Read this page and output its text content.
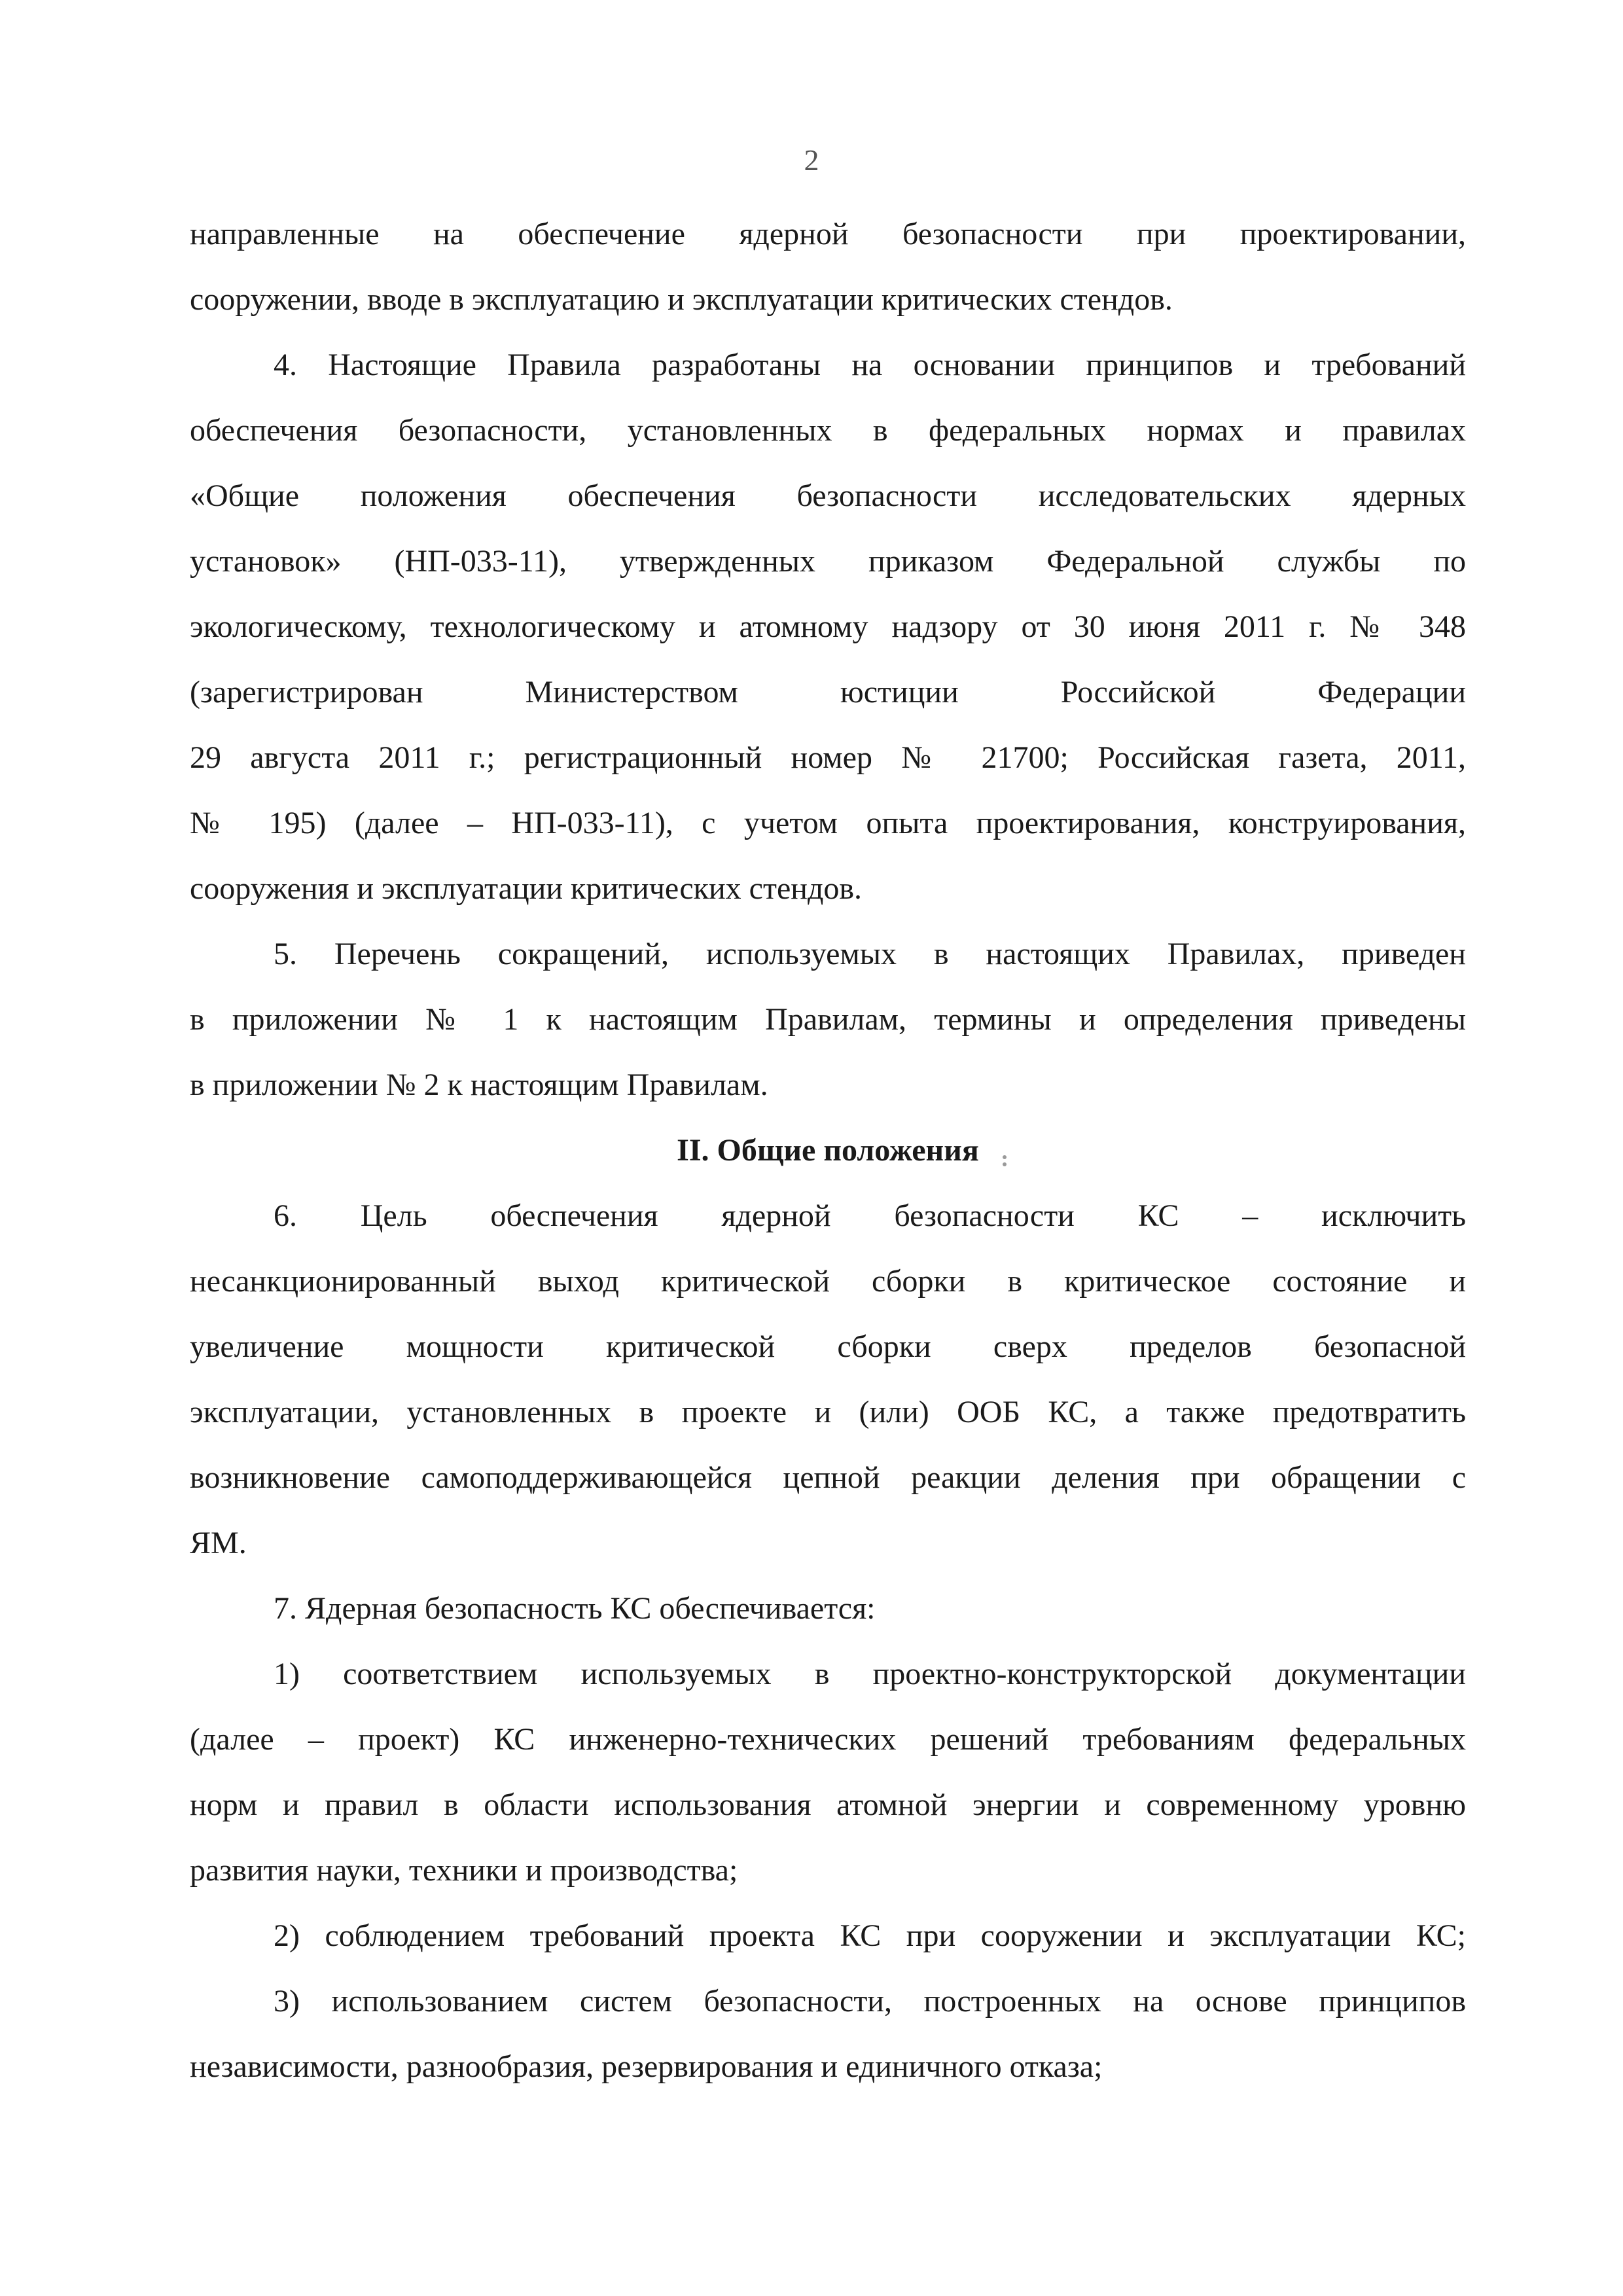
2

направленные на обеспечение ядерной безопасности при проектировании,
сооружении, вводе в эксплуатацию и эксплуатации критических стендов.

4. Настоящие Правила разработаны на основании принципов и требований
обеспечения безопасности, установленных в федеральных нормах и правилах
«Общие положения обеспечения безопасности исследовательских ядерных
установок» (НП-033-11), утвержденных приказом Федеральной службы по
экологическому, технологическому и атомному надзору от 30 июня 2011 г. № 348
(зарегистрирован Министерством юстиции Российской Федерации
29 августа 2011 г.; регистрационный номер № 21700; Российская газета, 2011,
№ 195) (далее – НП-033-11), с учетом опыта проектирования, конструирования,
сооружения и эксплуатации критических стендов.

5. Перечень сокращений, используемых в настоящих Правилах, приведен
в приложении № 1 к настоящим Правилам, термины и определения приведены
в приложении № 2 к настоящим Правилам.

II. Общие положения

6. Цель обеспечения ядерной безопасности КС – исключить
несанкционированный выход критической сборки в критическое состояние и
увеличение мощности критической сборки сверх пределов безопасной
эксплуатации, установленных в проекте и (или) ООБ КС, а также предотвратить
возникновение самоподдерживающейся цепной реакции деления при обращении с
ЯМ.

7. Ядерная безопасность КС обеспечивается:

1) соответствием используемых в проектно-конструкторской документации
(далее – проект) КС инженерно-технических решений требованиям федеральных
норм и правил в области использования атомной энергии и современному уровню
развития науки, техники и производства;

2) соблюдением требований проекта КС при сооружении и эксплуатации КС;

3) использованием систем безопасности, построенных на основе принципов
независимости, разнообразия, резервирования и единичного отказа;
